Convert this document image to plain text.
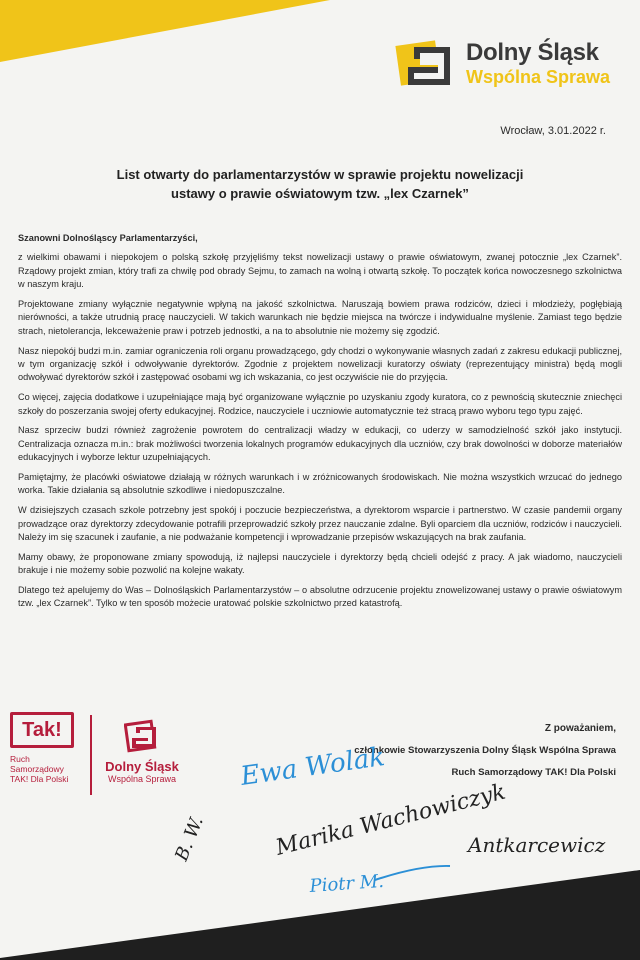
Dolny Śląsk
Wspólna Sprawa
Wrocław, 3.01.2022 r.
List otwarty do parlamentarzystów w sprawie projektu nowelizacji
ustawy o prawie oświatowym tzw. „lex Czarnek”
Szanowni Dolnośląscy Parlamentarzyści,

z wielkimi obawami i niepokojem o polską szkołę przyjęliśmy tekst nowelizacji ustawy o prawie oświatowym, zwanej potocznie „lex Czarnek”. Rządowy projekt zmian, który trafi za chwilę pod obrady Sejmu, to zamach na wolną i otwartą szkołę. To początek końca nowoczesnego szkolnictwa w naszym kraju.

Projektowane zmiany wyłącznie negatywnie wpłyną na jakość szkolnictwa. Naruszają bowiem prawa rodziców, dzieci i młodzieży, pogłębiają nierówności, a także utrudnią pracę nauczycieli. W takich warunkach nie będzie miejsca na twórcze i indywidualne myślenie. Zamiast tego będzie strach, nietolerancja, lekceważenie praw i potrzeb jednostki, a na to absolutnie nie możemy się zgodzić.

Nasz niepokój budzi m.in. zamiar ograniczenia roli organu prowadzącego, gdy chodzi o wykonywanie własnych zadań z zakresu edukacji publicznej, w tym organizację szkół i odwoływanie dyrektorów. Zgodnie z projektem nowelizacji kuratorzy oświaty (reprezentujący ministra) będą mogli odwoływać dyrektorów szkół i zastępować osobami wg ich wskazania, co jest oczywiście nie do przyjęcia.

Co więcej, zajęcia dodatkowe i uzupełniające mają być organizowane wyłącznie po uzyskaniu zgody kuratora, co z pewnością skutecznie zniechęci szkoły do poszerzania swojej oferty edukacyjnej. Rodzice, nauczyciele i uczniowie automatycznie też stracą prawo wyboru tego typu zajęć.

Nasz sprzeciw budzi również zagrożenie powrotem do centralizacji władzy w edukacji, co uderzy w samodzielność szkół jako instytucji. Centralizacja oznacza m.in.: brak możliwości tworzenia lokalnych programów edukacyjnych dla uczniów, czy brak dowolności w doborze materiałów edukacyjnych i wyborze lektur uzupełniających.

Pamiętajmy, że placówki oświatowe działają w różnych warunkach i w zróżnicowanych środowiskach. Nie można wszystkich wrzucać do jednego worka. Takie działania są absolutnie szkodliwe i niedopuszczalne.

W dzisiejszych czasach szkole potrzebny jest spokój i poczucie bezpieczeństwa, a dyrektorom wsparcie i partnerstwo. W czasie pandemii organy prowadzące oraz dyrektorzy zdecydowanie potrafili przeprowadzić szkoły przez nauczanie zdalne. Byli oparciem dla uczniów, rodziców i nauczycieli. Należy im się szacunek i zaufanie, a nie podważanie kompetencji i wprowadzanie przepisów wskazujących na brak zaufania.

Mamy obawy, że proponowane zmiany spowodują, iż najlepsi nauczyciele i dyrektorzy będą chcieli odejść z pracy. A jak wiadomo, nauczycieli brakuje i nie możemy sobie pozwolić na kolejne wakaty.

Dlatego też apelujemy do Was – Dolnośląskich Parlamentarzystów – o absolutne odrzucenie projektu znowelizowanej ustawy o prawie oświatowym tzw. „lex Czarnek”. Tylko w ten sposób możecie uratować polskie szkolnictwo przed katastrofą.

Z poważaniem,
członkowie Stowarzyszenia Dolny Śląsk Wspólna Sprawa
Ruch Samorządowy TAK! Dla Polski
Tak!
Ruch
Samorządowy
TAK! Dla Polski
Dolny Śląsk
Wspólna Sprawa	Ewa Wolak
Marika Wachowiczyk
Piotr M.
Antkarcewicz
B. W.
